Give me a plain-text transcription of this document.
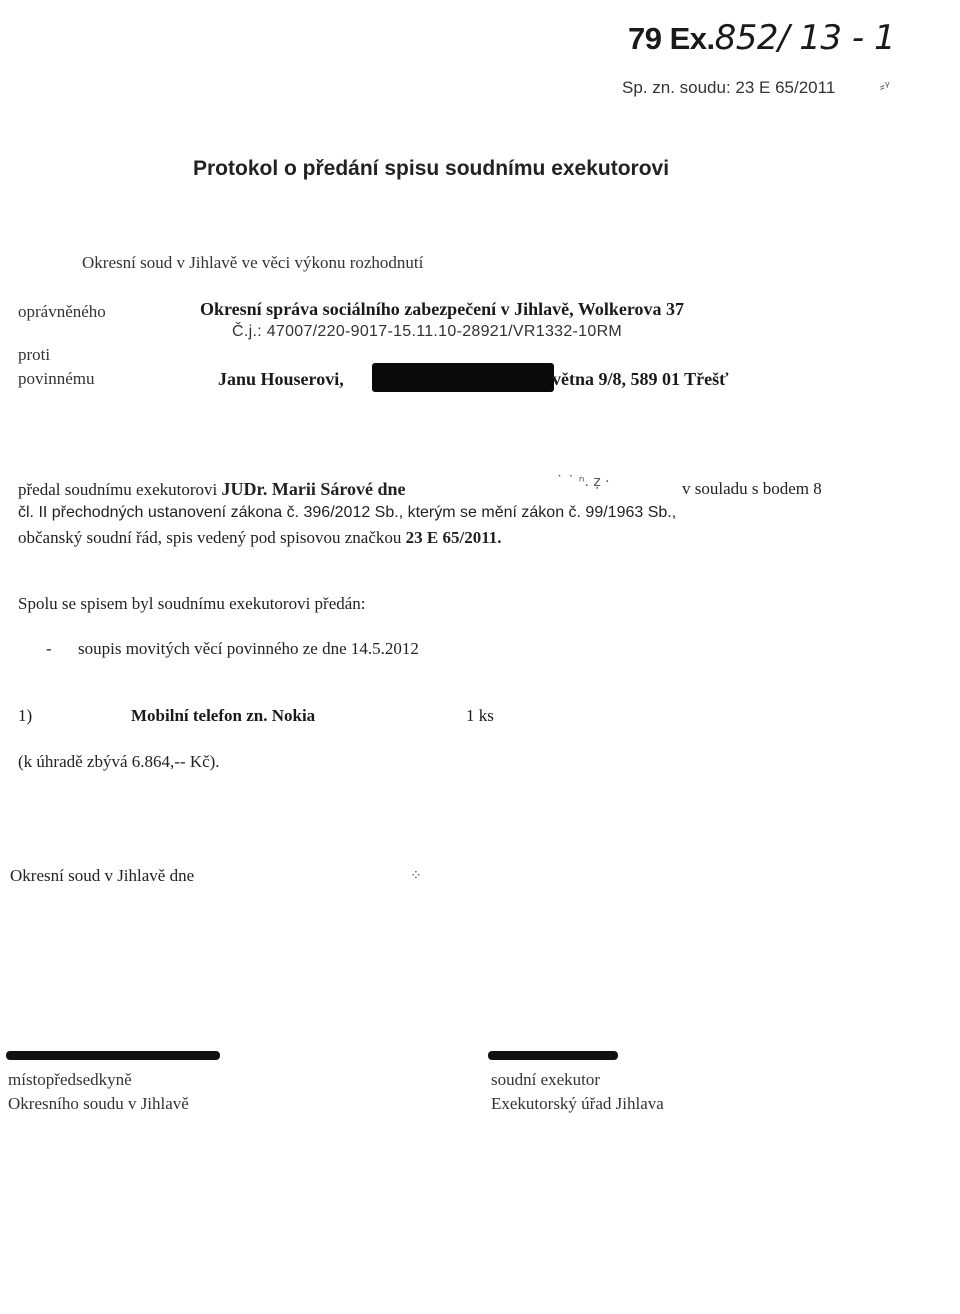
79 Ex.852/ 13 - 1
Sp. zn. soudu: 23 E 65/2011	⸗ᵞ
Protokol o předání spisu soudnímu exekutorovi
Okresní soud v Jihlavě ve věci výkonu rozhodnutí
oprávněného	Okresní správa sociálního zabezpečení v Jihlavě, Wolkerova 37
Č.j.: 47007/220-9017-15.11.10-28921/VR1332-10RM
proti
povinnému	Janu Houserovi,	větna 9/8, 589 01 Třešť
předal soudnímu exekutorovi JUDr. Marii Sárové dne	˙ ˙ ⁿ. ẓ̣ ·	v souladu s bodem 8
čl. II přechodných ustanovení zákona č. 396/2012 Sb., kterým se mění zákon č. 99/1963 Sb.,
občanský soudní řád, spis vedený pod spisovou značkou 23 E 65/2011.
Spolu se spisem byl soudnímu exekutorovi předán:
- soupis movitých věcí povinného ze dne 14.5.2012
1)	Mobilní telefon zn. Nokia	1 ks
(k úhradě zbývá 6.864,-- Kč).
Okresní soud v Jihlavě dne	⁘
místopředsedkyně
Okresního soudu v Jihlavě
soudní exekutor
Exekutorský úřad Jihlava
